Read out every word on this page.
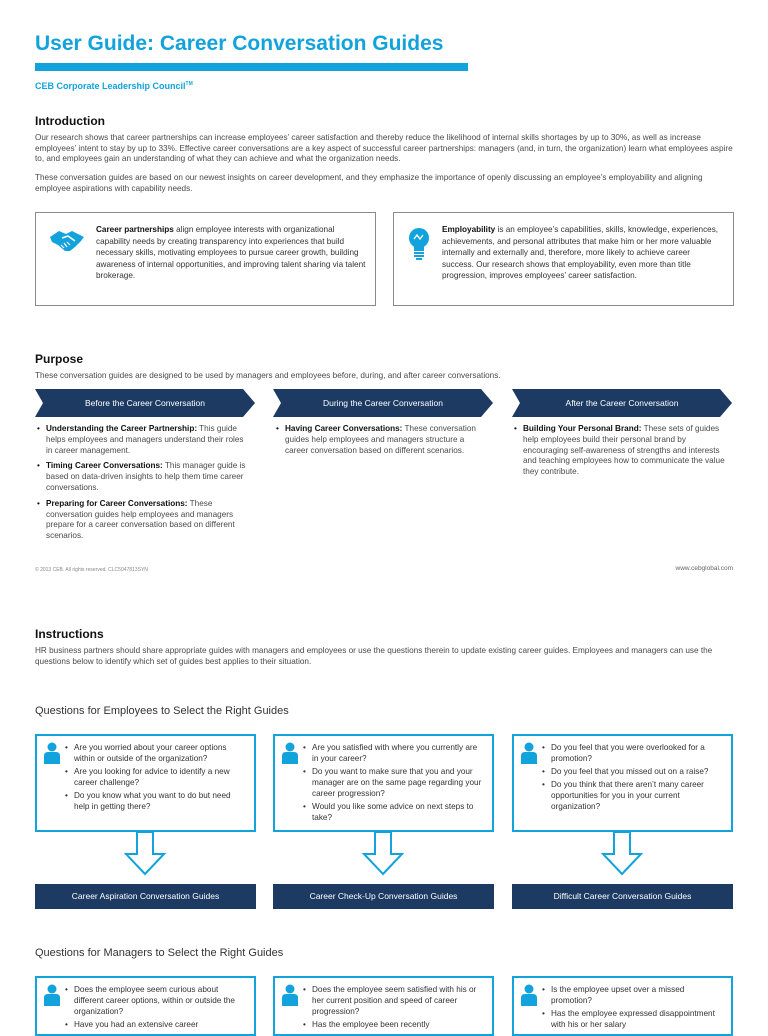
User Guide: Career Conversation Guides
CEB Corporate Leadership Council™
Introduction

Our research shows that career partnerships can increase employees’ career satisfaction and thereby reduce the likelihood of internal skills shortages by up to 30%, as well as increase employees’ intent to stay by up to 33%. Effective career conversations are a key aspect of successful career partnerships: managers (and, in turn, the organization) learn what employees aspire to, and employees gain an understanding of what they can achieve and what the organization needs.

These conversation guides are based on our newest insights on career development, and they emphasize the importance of openly discussing an employee’s employability and aligning employee aspirations with capability needs.

Career partnerships align employee interests with organizational capability needs by creating transparency into experiences that build necessary skills, motivating employees to pursue career growth, building awareness of internal opportunities, and improving talent sharing via talent brokerage.
Employability is an employee’s capabilities, skills, knowledge, experiences, achievements, and personal attributes that make him or her more valuable internally and externally and, therefore, more likely to achieve career success. Our research shows that employability, even more than title progression, improves employees’ career satisfaction.
Purpose

These conversation guides are designed to be used by managers and employees before, during, and after career conversations.

Before the Career Conversation	During the Career Conversation	After the Career Conversation
• Understanding the Career Partnership: This guide helps employees and managers understand their roles in career management.
• Timing Career Conversations: This manager guide is based on data-driven insights to help them time career conversations.
• Preparing for Career Conversations: These conversation guides help employees and managers prepare for a career conversation based on different scenarios.
• Having Career Conversations: These conversation guides help employees and managers structure a career conversation based on different scenarios.
• Building Your Personal Brand: These sets of guides help employees build their personal brand by encouraging self-awareness of strengths and interests and teaching employees how to communicate the value they contribute.
© 2013 CEB. All rights reserved. CLC5047813SYN	www.cebglobal.com
Instructions

HR business partners should share appropriate guides with managers and employees or use the questions therein to update existing career guides. Employees and managers can use the questions below to identify which set of guides best applies to their situation.

Questions for Employees to Select the Right Guides
• Are you worried about your career options within or outside of the organization?
• Are you looking for advice to identify a new career challenge?
• Do you know what you want to do but need help in getting there?
• Are you satisfied with where you currently are in your career?
• Do you want to make sure that you and your manager are on the same page regarding your career progression?
• Would you like some advice on next steps to take?
• Do you feel that you were overlooked for a promotion?
• Do you feel that you missed out on a raise?
• Do you think that there aren’t many career opportunities for you in your current organization?
Career Aspiration Conversation Guides	Career Check-Up Conversation Guides	Difficult Career Conversation Guides
Questions for Managers to Select the Right Guides
• Does the employee seem curious about different career options, within or outside the organization?
• Have you had an extensive career
• Does the employee seem satisfied with his or her current position and speed of career progression?
• Has the employee been recently
• Is the employee upset over a missed promotion?
• Has the employee expressed disappointment with his or her salary
